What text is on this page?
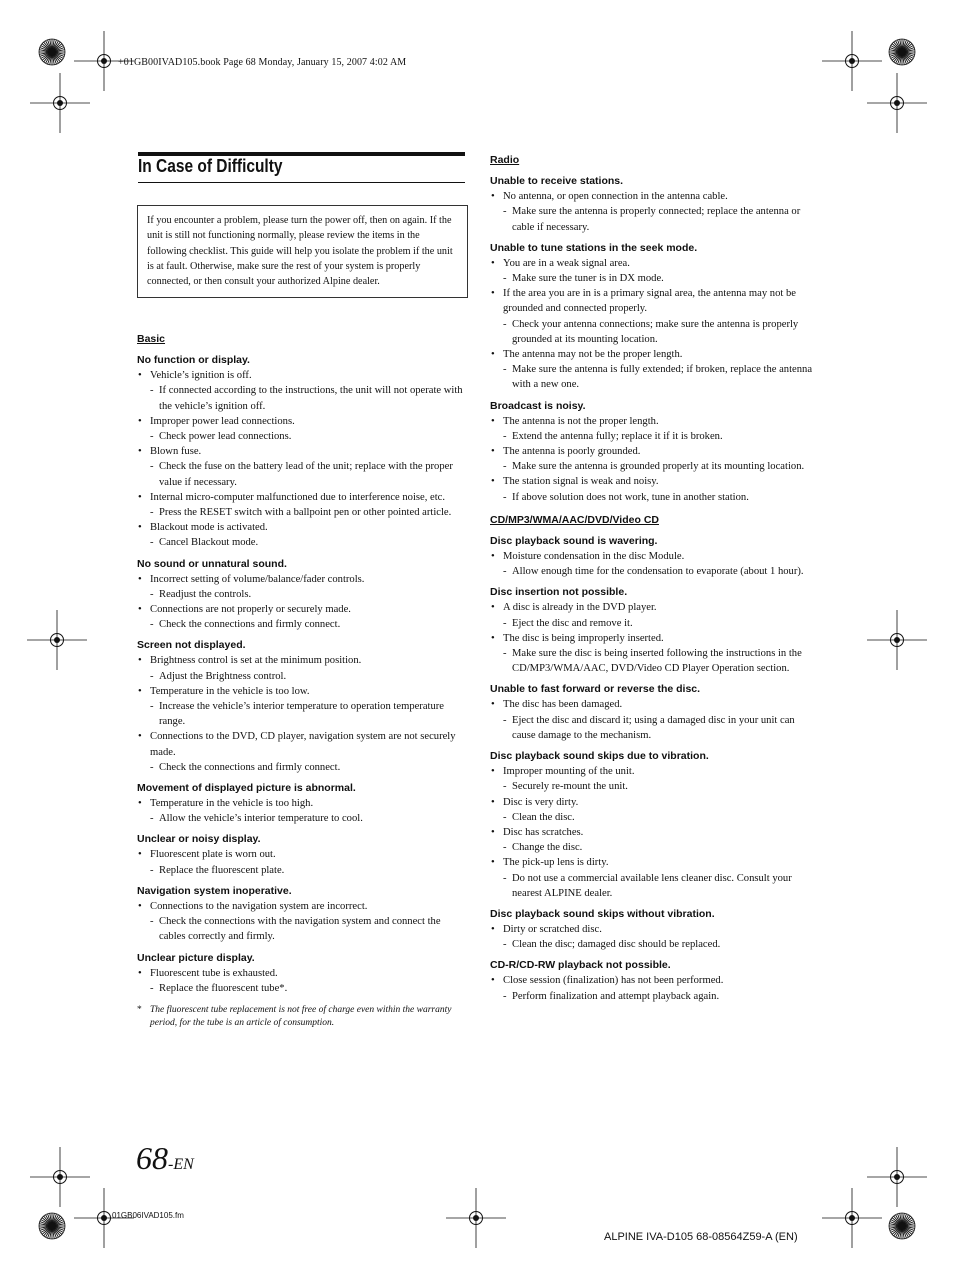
+01GB00IVAD105.book Page 68 Monday, January 15, 2007 4:02 AM
In Case of Difficulty
If you encounter a problem, please turn the power off, then on again. If the unit is still not functioning normally, please review the items in the following checklist. This guide will help you isolate the problem if the unit is at fault. Otherwise, make sure the rest of your system is properly connected, or then consult your authorized Alpine dealer.
Basic
No function or display.
• Vehicle’s ignition is off.
- If connected according to the instructions, the unit will not operate with the vehicle’s ignition off.
• Improper power lead connections.
- Check power lead connections.
• Blown fuse.
- Check the fuse on the battery lead of the unit; replace with the proper value if necessary.
• Internal micro-computer malfunctioned due to interference noise, etc.
- Press the RESET switch with a ballpoint pen or other pointed article.
• Blackout mode is activated.
- Cancel Blackout mode.
No sound or unnatural sound.
• Incorrect setting of volume/balance/fader controls.
- Readjust the controls.
• Connections are not properly or securely made.
- Check the connections and firmly connect.
Screen not displayed.
• Brightness control is set at the minimum position.
- Adjust the Brightness control.
• Temperature in the vehicle is too low.
- Increase the vehicle’s interior temperature to operation temperature range.
• Connections to the DVD, CD player, navigation system are not securely made.
- Check the connections and firmly connect.
Movement of displayed picture is abnormal.
• Temperature in the vehicle is too high.
- Allow the vehicle’s interior temperature to cool.
Unclear or noisy display.
• Fluorescent plate is worn out.
- Replace the fluorescent plate.
Navigation system inoperative.
• Connections to the navigation system are incorrect.
- Check the connections with the navigation system and connect the cables correctly and firmly.
Unclear picture display.
• Fluorescent tube is exhausted.
- Replace the fluorescent tube*.
* The fluorescent tube replacement is not free of charge even within the warranty period, for the tube is an article of consumption.
Radio
Unable to receive stations.
• No antenna, or open connection in the antenna cable.
- Make sure the antenna is properly connected; replace the antenna or cable if necessary.
Unable to tune stations in the seek mode.
• You are in a weak signal area.
- Make sure the tuner is in DX mode.
• If the area you are in is a primary signal area, the antenna may not be grounded and connected properly.
- Check your antenna connections; make sure the antenna is properly grounded at its mounting location.
• The antenna may not be the proper length.
- Make sure the antenna is fully extended; if broken, replace the antenna with a new one.
Broadcast is noisy.
• The antenna is not the proper length.
- Extend the antenna fully; replace it if it is broken.
• The antenna is poorly grounded.
- Make sure the antenna is grounded properly at its mounting location.
• The station signal is weak and noisy.
- If above solution does not work, tune in another station.
CD/MP3/WMA/AAC/DVD/Video CD
Disc playback sound is wavering.
• Moisture condensation in the disc Module.
- Allow enough time for the condensation to evaporate (about 1 hour).
Disc insertion not possible.
• A disc is already in the DVD player.
- Eject the disc and remove it.
• The disc is being improperly inserted.
- Make sure the disc is being inserted following the instructions in the CD/MP3/WMA/AAC, DVD/Video CD Player Operation section.
Unable to fast forward or reverse the disc.
• The disc has been damaged.
- Eject the disc and discard it; using a damaged disc in your unit can cause damage to the mechanism.
Disc playback sound skips due to vibration.
• Improper mounting of the unit.
- Securely re-mount the unit.
• Disc is very dirty.
- Clean the disc.
• Disc has scratches.
- Change the disc.
• The pick-up lens is dirty.
- Do not use a commercial available lens cleaner disc. Consult your nearest ALPINE dealer.
Disc playback sound skips without vibration.
• Dirty or scratched disc.
- Clean the disc; damaged disc should be replaced.
CD-R/CD-RW playback not possible.
• Close session (finalization) has not been performed.
- Perform finalization and attempt playback again.
68-EN
01GB06IVAD105.fm
ALPINE IVA-D105 68-08564Z59-A (EN)
